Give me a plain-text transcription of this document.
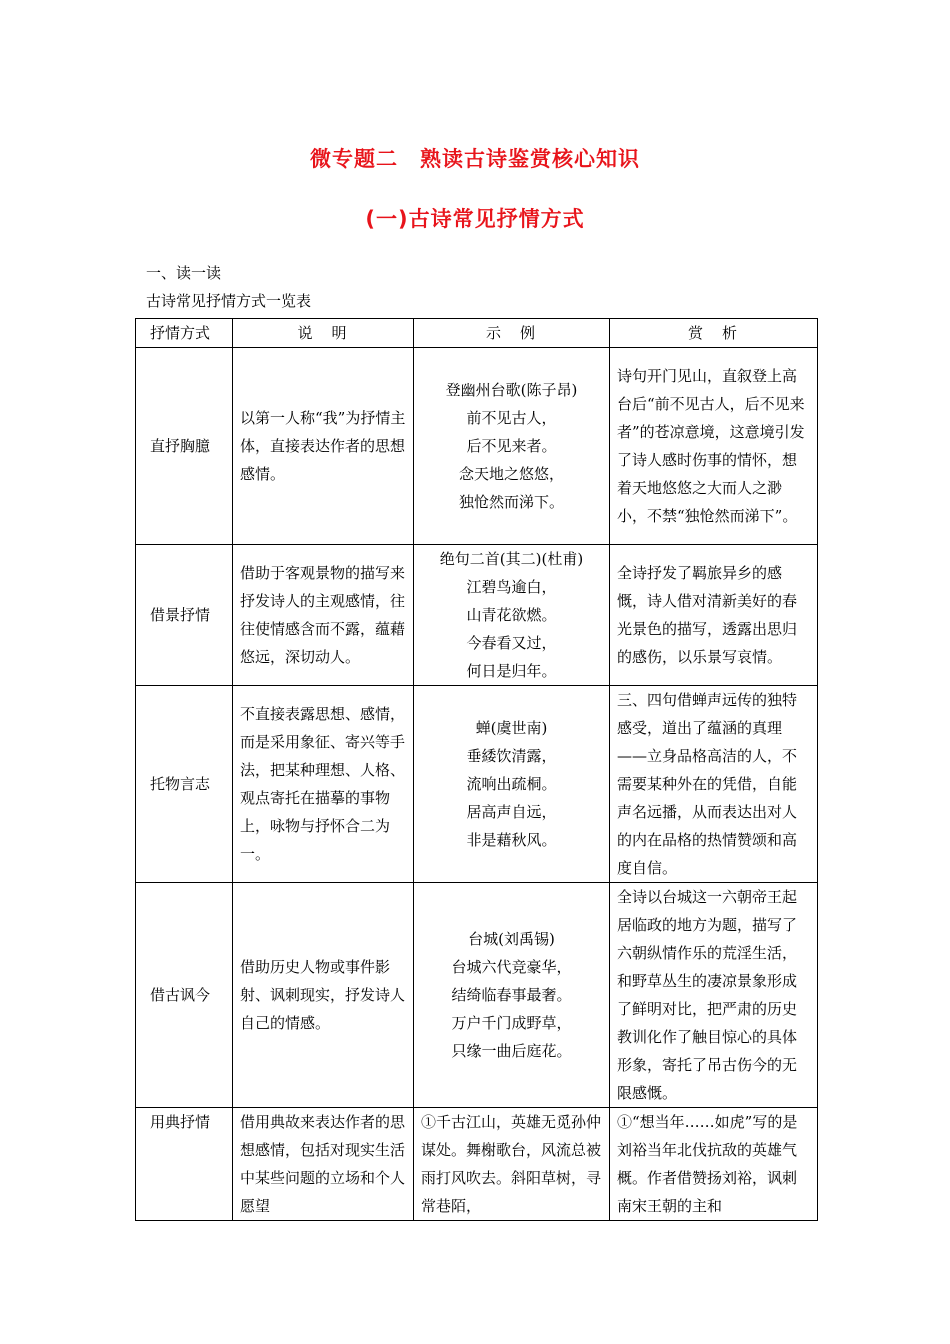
微专题二　熟读古诗鉴赏核心知识
(一)古诗常见抒情方式
一、读一读
古诗常见抒情方式一览表
抒情方式	说　明	示　例	赏　析
直抒胸臆	以第一人称“我”为抒情主体，直接表达作者的思想感情。	登幽州台歌(陈子昂)
前不见古人，
后不见来者。
念天地之悠悠，
独怆然而涕下。	诗句开门见山，直叙登上高台后“前不见古人，后不见来者”的苍凉意境，这意境引发了诗人感时伤事的情怀，想着天地悠悠之大而人之渺小，不禁“独怆然而涕下”。
借景抒情	借助于客观景物的描写来抒发诗人的主观感情，往往使情感含而不露，蕴藉悠远，深切动人。	绝句二首(其二)(杜甫)
江碧鸟逾白，
山青花欲燃。
今春看又过，
何日是归年。	全诗抒发了羁旅异乡的感慨，诗人借对清新美好的春光景色的描写，透露出思归的感伤，以乐景写哀情。
托物言志	不直接表露思想、感情，而是采用象征、寄兴等手法，把某种理想、人格、观点寄托在描摹的事物上，咏物与抒怀合二为一。	蝉(虞世南)
垂緌饮清露，
流响出疏桐。
居高声自远，
非是藉秋风。	三、四句借蝉声远传的独特感受，道出了蕴涵的真理——立身品格高洁的人，不需要某种外在的凭借，自能声名远播，从而表达出对人的内在品格的热情赞颂和高度自信。
借古讽今	借助历史人物或事件影射、讽刺现实，抒发诗人自己的情感。	台城(刘禹锡)
台城六代竞豪华，
结绮临春事最奢。
万户千门成野草，
只缘一曲后庭花。	全诗以台城这一六朝帝王起居临政的地方为题，描写了六朝纵情作乐的荒淫生活，和野草丛生的凄凉景象形成了鲜明对比，把严肃的历史教训化作了触目惊心的具体形象，寄托了吊古伤今的无限感慨。
用典抒情	借用典故来表达作者的思想感情，包括对现实生活中某些问题的立场和个人愿望	①千古江山，英雄无觅孙仲谋处。舞榭歌台，风流总被雨打风吹去。斜阳草树，寻常巷陌，	①“想当年……如虎”写的是刘裕当年北伐抗敌的英雄气概。作者借赞扬刘裕，讽刺南宋王朝的主和
